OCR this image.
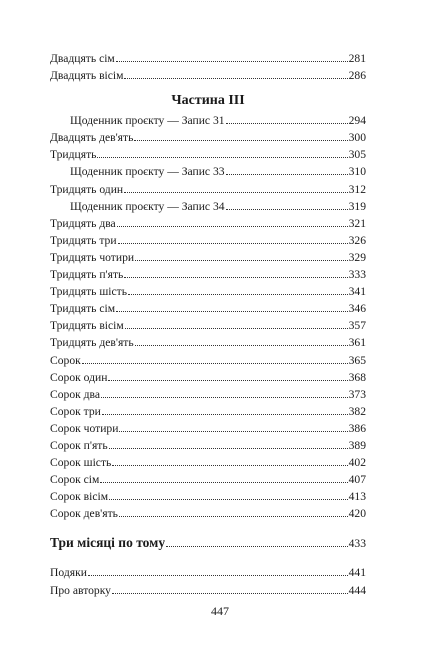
Двадцять сім	281
Двадцять вісім	286
Частина III
Щоденник проєкту — Запис 31	294
Двадцять дев'ять	300
Тридцять	305
Щоденник проєкту — Запис 33	310
Тридцять один	312
Щоденник проєкту — Запис 34	319
Тридцять два	321
Тридцять три	326
Тридцять чотири	329
Тридцять п'ять	333
Тридцять шість	341
Тридцять сім	346
Тридцять вісім	357
Тридцять дев'ять	361
Сорок	365
Сорок один	368
Сорок два	373
Сорок три	382
Сорок чотири	386
Сорок п'ять	389
Сорок шість	402
Сорок сім	407
Сорок вісім	413
Сорок дев'ять	420
Три місяці по тому	433
Подяки	441
Про авторку	444
447
